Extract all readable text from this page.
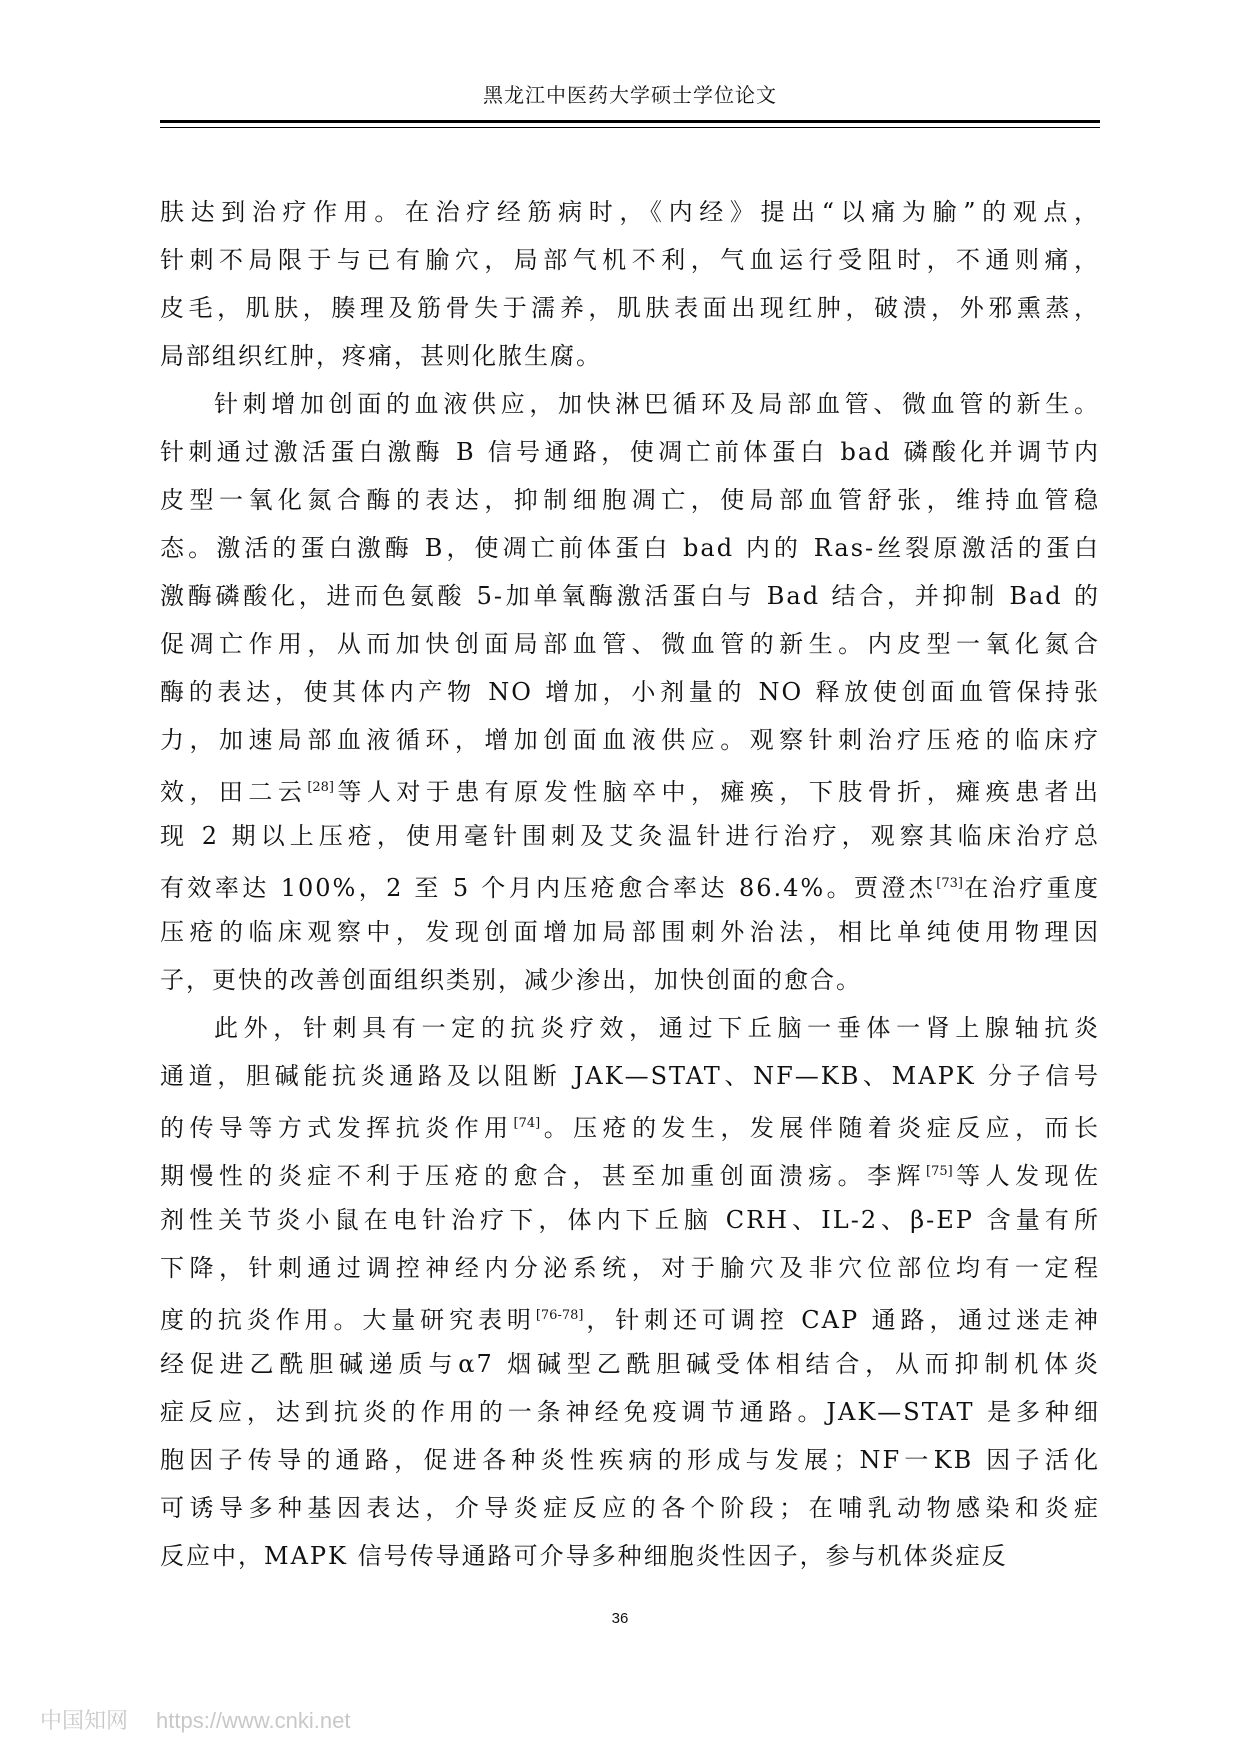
黑龙江中医药大学硕士学位论文
肤达到治疗作用。在治疗经筋病时，《内经》提出“以痛为腧”的观点，
针刺不局限于与已有腧穴，局部气机不利，气血运行受阻时，不通则痛，
皮毛，肌肤，腠理及筋骨失于濡养，肌肤表面出现红肿，破溃，外邪熏蒸，
局部组织红肿，疼痛，甚则化脓生腐。
针刺增加创面的血液供应，加快淋巴循环及局部血管、微血管的新生。
针刺通过激活蛋白激酶 B 信号通路，使凋亡前体蛋白 bad 磷酸化并调节内
皮型一氧化氮合酶的表达，抑制细胞凋亡，使局部血管舒张，维持血管稳
态。激活的蛋白激酶 B，使凋亡前体蛋白 bad 内的 Ras-丝裂原激活的蛋白
激酶磷酸化，进而色氨酸 5-加单氧酶激活蛋白与 Bad 结合，并抑制 Bad 的
促凋亡作用，从而加快创面局部血管、微血管的新生。内皮型一氧化氮合
酶的表达，使其体内产物 NO 增加，小剂量的 NO 释放使创面血管保持张
力，加速局部血液循环，增加创面血液供应。观察针刺治疗压疮的临床疗
效，田二云[28]等人对于患有原发性脑卒中，瘫痪，下肢骨折，瘫痪患者出
现 2 期以上压疮，使用毫针围刺及艾灸温针进行治疗，观察其临床治疗总
有效率达 100%，2 至 5 个月内压疮愈合率达 86.4%。贾澄杰[73]在治疗重度
压疮的临床观察中，发现创面增加局部围刺外治法，相比单纯使用物理因
子，更快的改善创面组织类别，减少渗出，加快创面的愈合。
此外，针刺具有一定的抗炎疗效，通过下丘脑一垂体一肾上腺轴抗炎
通道，胆碱能抗炎通路及以阻断 JAK—STAT、NF—KB、MAPK 分子信号
的传导等方式发挥抗炎作用[74]。压疮的发生，发展伴随着炎症反应，而长
期慢性的炎症不利于压疮的愈合，甚至加重创面溃疡。李辉[75]等人发现佐
剂性关节炎小鼠在电针治疗下，体内下丘脑 CRH、IL-2、β-EP 含量有所
下降，针刺通过调控神经内分泌系统，对于腧穴及非穴位部位均有一定程
度的抗炎作用。大量研究表明[76-78]，针刺还可调控 CAP 通路，通过迷走神
经促进乙酰胆碱递质与α7 烟碱型乙酰胆碱受体相结合，从而抑制机体炎
症反应，达到抗炎的作用的一条神经免疫调节通路。JAK—STAT 是多种细
胞因子传导的通路，促进各种炎性疾病的形成与发展；NF一KB 因子活化
可诱导多种基因表达，介导炎症反应的各个阶段；在哺乳动物感染和炎症
反应中，MAPK 信号传导通路可介导多种细胞炎性因子，参与机体炎症反
36
中国知网 https://www.cnki.net
